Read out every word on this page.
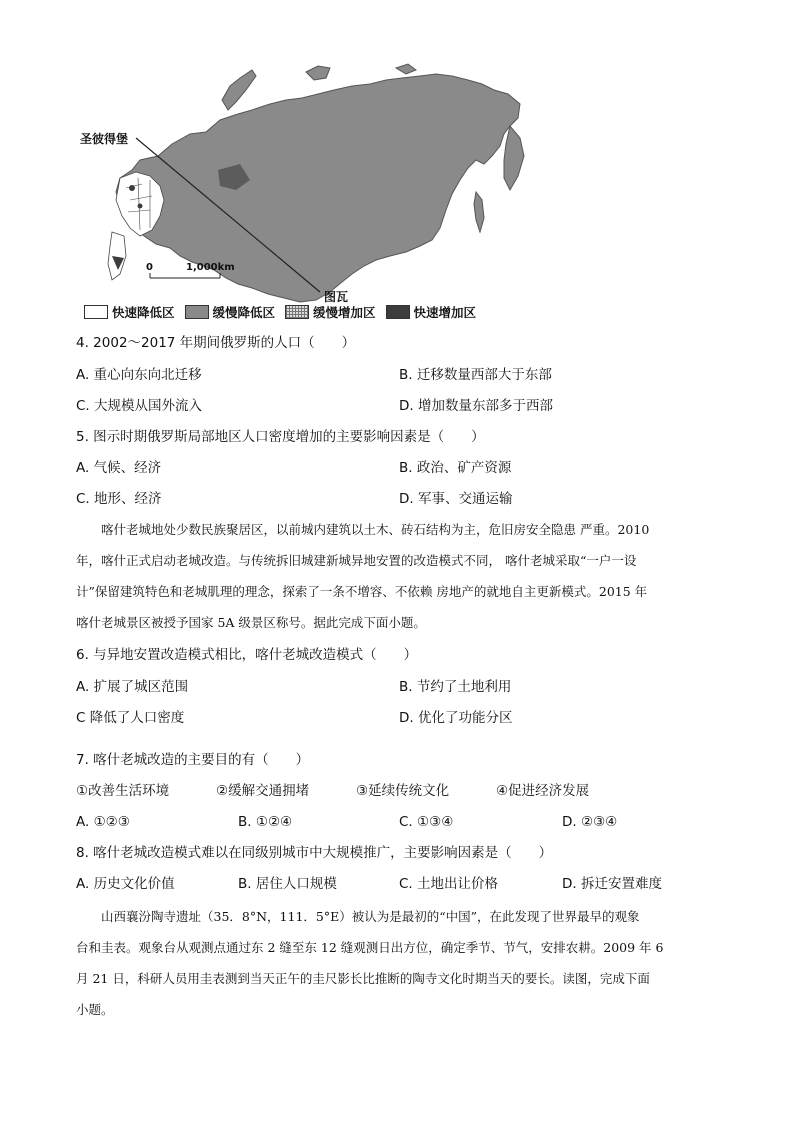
圣彼得堡
图瓦
0	1,000km
快速降低区	缓慢降低区	缓慢增加区	快速增加区
4. 2002～2017 年期间俄罗斯的人口（　　）
A. 重心向东向北迁移	B. 迁移数量西部大于东部
C. 大规模从国外流入	D. 增加数量东部多于西部
5. 图示时期俄罗斯局部地区人口密度增加的主要影响因素是（　　）
A. 气候、经济	B. 政治、矿产资源
C. 地形、经济	D. 军事、交通运输
　　喀什老城地处少数民族聚居区，以前城内建筑以土木、砖石结构为主，危旧房安全隐患 严重。2010
年，喀什正式启动老城改造。与传统拆旧城建新城异地安置的改造模式不同， 喀什老城采取“一户一设
计”保留建筑特色和老城肌理的理念，探索了一条不增容、不依赖 房地产的就地自主更新模式。2015 年
喀什老城景区被授予国家 5A 级景区称号。据此完成下面小题。
6. 与异地安置改造模式相比，喀什老城改造模式（　　）
A. 扩展了城区范围	B. 节约了土地利用
C 降低了人口密度	D. 优化了功能分区
7. 喀什老城改造的主要目的有（　　）
①改善生活环境	②缓解交通拥堵	③延续传统文化	④促进经济发展
A. ①②③	B. ①②④	C. ①③④	D. ②③④
8. 喀什老城改造模式难以在同级别城市中大规模推广，主要影响因素是（　　）
A. 历史文化价值	B. 居住人口规模	C. 土地出让价格	D. 拆迁安置难度
　　山西襄汾陶寺遗址（35．8°N，111．5°E）被认为是最初的“中国”，在此发现了世界最早的观象
台和圭表。观象台从观测点通过东 2 缝至东 12 缝观测日出方位，确定季节、节气，安排农耕。2009 年 6
月 21 日，科研人员用圭表测到当天正午的圭尺影长比推断的陶寺文化时期当天的要长。读图，完成下面
小题。
